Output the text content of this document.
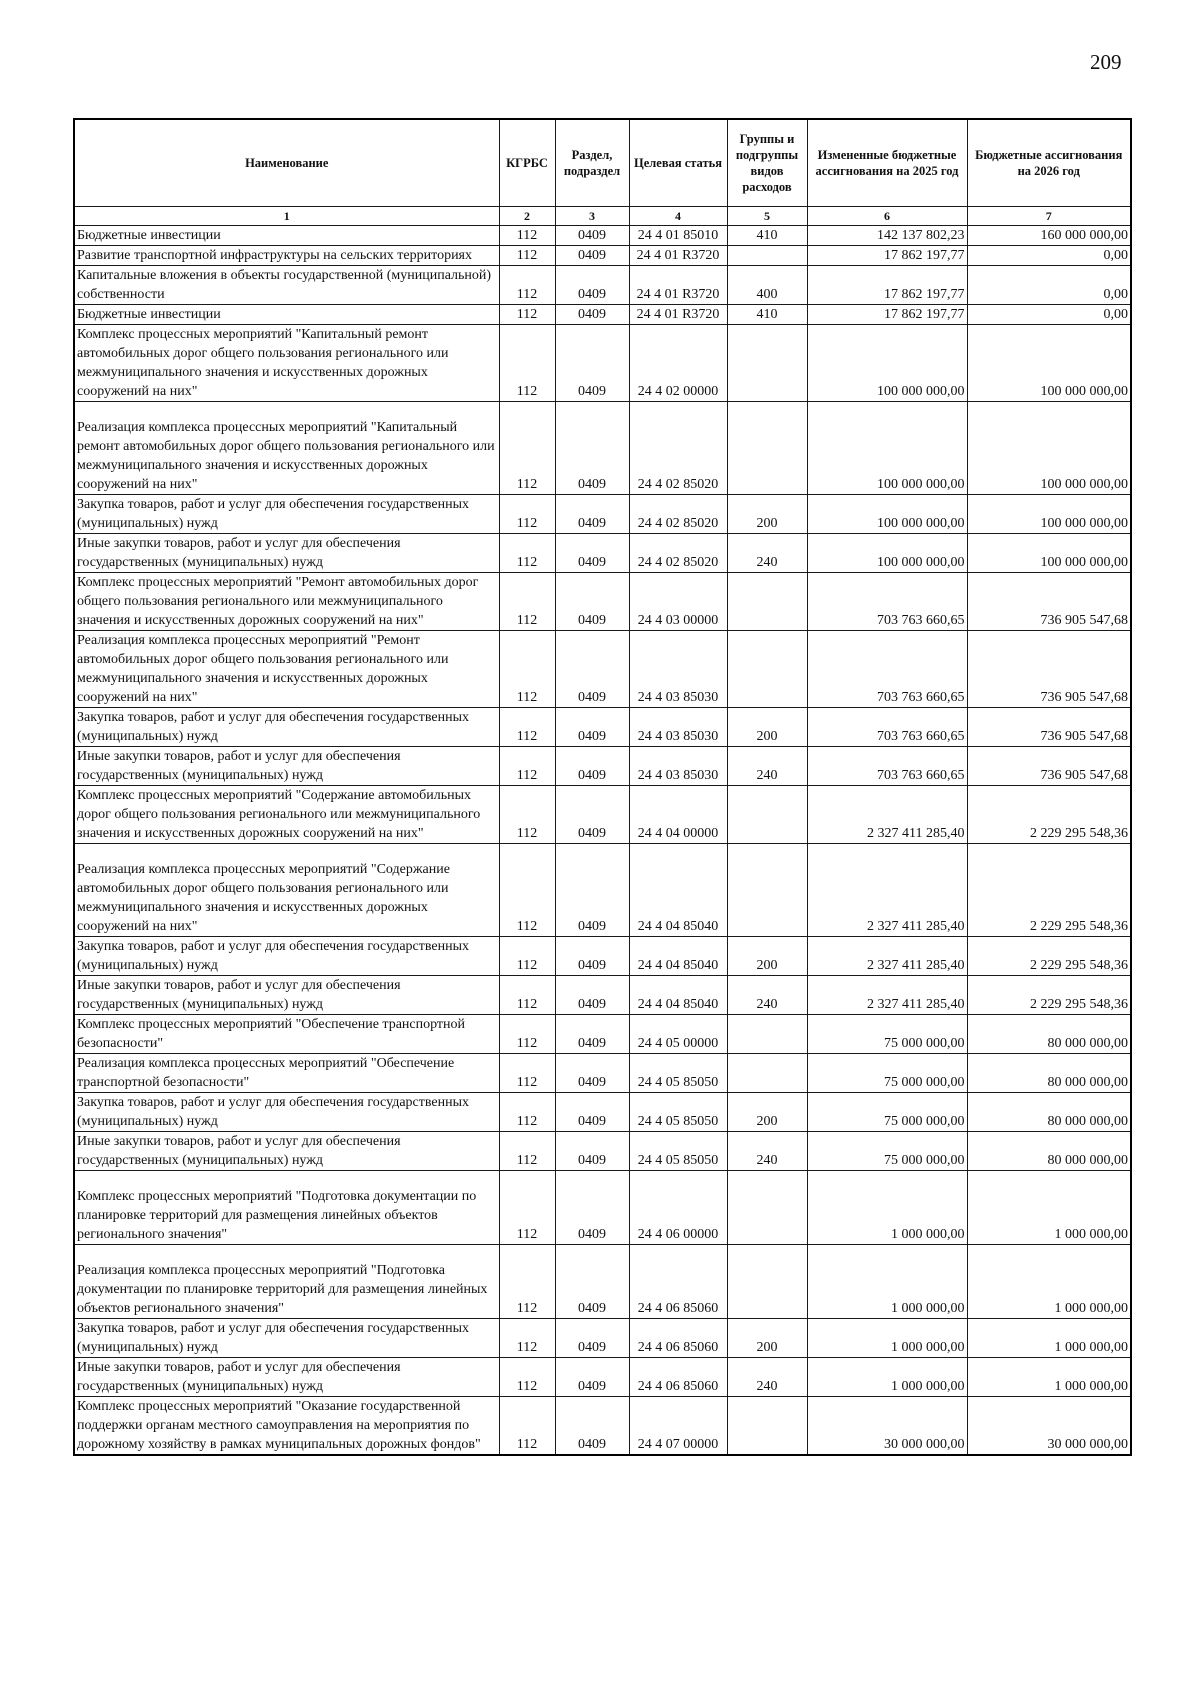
209
Наименование	КГРБС	Раздел, подраздел	Целевая статья	Группы и подгруппы видов расходов	Измененные бюджетные ассигнования на 2025 год	Бюджетные ассигнования на 2026 год
1	2	3	4	5	6	7
Бюджетные инвестиции	112	0409	24 4 01 85010	410	142 137 802,23	160 000 000,00
Развитие транспортной инфраструктуры на сельских территориях	112	0409	24 4 01 R3720		17 862 197,77	0,00
Капитальные вложения в объекты государственной (муниципальной) собственности	112	0409	24 4 01 R3720	400	17 862 197,77	0,00
Бюджетные инвестиции	112	0409	24 4 01 R3720	410	17 862 197,77	0,00
Комплекс процессных мероприятий "Капитальный ремонт автомобильных дорог общего пользования регионального или межмуниципального значения и искусственных дорожных сооружений на них"	112	0409	24 4 02 00000		100 000 000,00	100 000 000,00
Реализация комплекса процессных мероприятий "Капитальный ремонт автомобильных дорог общего пользования регионального или межмуниципального значения и искусственных дорожных сооружений на них"	112	0409	24 4 02 85020		100 000 000,00	100 000 000,00
Закупка товаров, работ и услуг для обеспечения государственных (муниципальных) нужд	112	0409	24 4 02 85020	200	100 000 000,00	100 000 000,00
Иные закупки товаров, работ и услуг для обеспечения государственных (муниципальных) нужд	112	0409	24 4 02 85020	240	100 000 000,00	100 000 000,00
Комплекс процессных мероприятий "Ремонт автомобильных дорог общего пользования регионального или межмуниципального значения и искусственных дорожных сооружений на них"	112	0409	24 4 03 00000		703 763 660,65	736 905 547,68
Реализация комплекса процессных мероприятий "Ремонт автомобильных дорог общего пользования регионального или межмуниципального значения и искусственных дорожных сооружений на них"	112	0409	24 4 03 85030		703 763 660,65	736 905 547,68
Закупка товаров, работ и услуг для обеспечения государственных (муниципальных) нужд	112	0409	24 4 03 85030	200	703 763 660,65	736 905 547,68
Иные закупки товаров, работ и услуг для обеспечения государственных (муниципальных) нужд	112	0409	24 4 03 85030	240	703 763 660,65	736 905 547,68
Комплекс процессных мероприятий "Содержание автомобильных дорог общего пользования регионального или межмуниципального значения и искусственных дорожных сооружений на них"	112	0409	24 4 04 00000		2 327 411 285,40	2 229 295 548,36
Реализация комплекса процессных мероприятий "Содержание автомобильных дорог общего пользования регионального или межмуниципального значения и искусственных дорожных сооружений на них"	112	0409	24 4 04 85040		2 327 411 285,40	2 229 295 548,36
Закупка товаров, работ и услуг для обеспечения государственных (муниципальных) нужд	112	0409	24 4 04 85040	200	2 327 411 285,40	2 229 295 548,36
Иные закупки товаров, работ и услуг для обеспечения государственных (муниципальных) нужд	112	0409	24 4 04 85040	240	2 327 411 285,40	2 229 295 548,36
Комплекс процессных мероприятий "Обеспечение транспортной безопасности"	112	0409	24 4 05 00000		75 000 000,00	80 000 000,00
Реализация комплекса процессных мероприятий "Обеспечение транспортной безопасности"	112	0409	24 4 05 85050		75 000 000,00	80 000 000,00
Закупка товаров, работ и услуг для обеспечения государственных (муниципальных) нужд	112	0409	24 4 05 85050	200	75 000 000,00	80 000 000,00
Иные закупки товаров, работ и услуг для обеспечения государственных (муниципальных) нужд	112	0409	24 4 05 85050	240	75 000 000,00	80 000 000,00
Комплекс процессных мероприятий "Подготовка документации по планировке территорий для размещения линейных объектов регионального значения"	112	0409	24 4 06 00000		1 000 000,00	1 000 000,00
Реализация комплекса процессных мероприятий "Подготовка документации по планировке территорий для размещения линейных объектов регионального значения"	112	0409	24 4 06 85060		1 000 000,00	1 000 000,00
Закупка товаров, работ и услуг для обеспечения государственных (муниципальных) нужд	112	0409	24 4 06 85060	200	1 000 000,00	1 000 000,00
Иные закупки товаров, работ и услуг для обеспечения государственных (муниципальных) нужд	112	0409	24 4 06 85060	240	1 000 000,00	1 000 000,00
Комплекс процессных мероприятий "Оказание государственной поддержки органам местного самоуправления на мероприятия по дорожному хозяйству в рамках муниципальных дорожных фондов"	112	0409	24 4 07 00000		30 000 000,00	30 000 000,00
